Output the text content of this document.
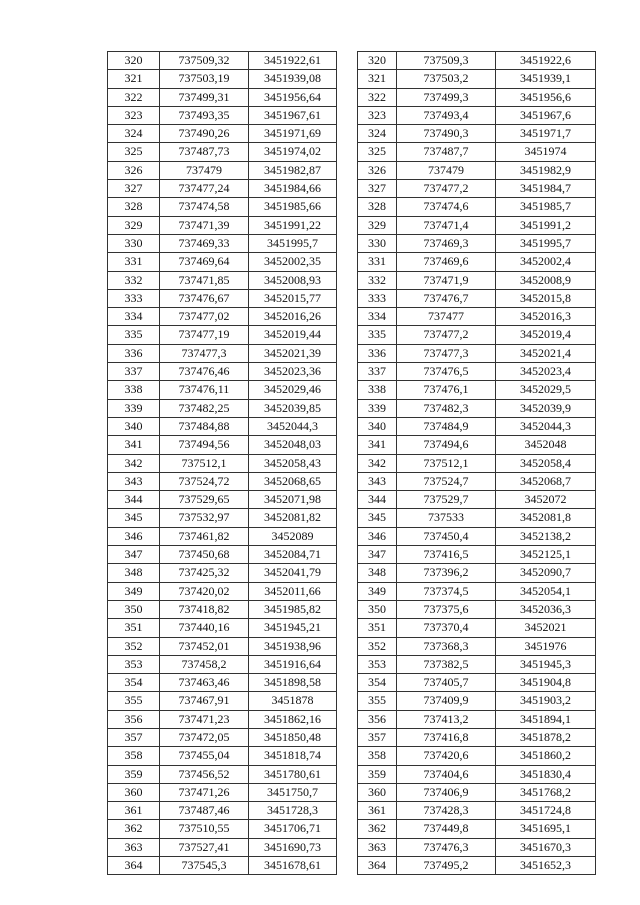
320	737509,32	3451922,61
321	737503,19	3451939,08
322	737499,31	3451956,64
323	737493,35	3451967,61
324	737490,26	3451971,69
325	737487,73	3451974,02
326	737479	3451982,87
327	737477,24	3451984,66
328	737474,58	3451985,66
329	737471,39	3451991,22
330	737469,33	3451995,7
331	737469,64	3452002,35
332	737471,85	3452008,93
333	737476,67	3452015,77
334	737477,02	3452016,26
335	737477,19	3452019,44
336	737477,3	3452021,39
337	737476,46	3452023,36
338	737476,11	3452029,46
339	737482,25	3452039,85
340	737484,88	3452044,3
341	737494,56	3452048,03
342	737512,1	3452058,43
343	737524,72	3452068,65
344	737529,65	3452071,98
345	737532,97	3452081,82
346	737461,82	3452089
347	737450,68	3452084,71
348	737425,32	3452041,79
349	737420,02	3452011,66
350	737418,82	3451985,82
351	737440,16	3451945,21
352	737452,01	3451938,96
353	737458,2	3451916,64
354	737463,46	3451898,58
355	737467,91	3451878
356	737471,23	3451862,16
357	737472,05	3451850,48
358	737455,04	3451818,74
359	737456,52	3451780,61
360	737471,26	3451750,7
361	737487,46	3451728,3
362	737510,55	3451706,71
363	737527,41	3451690,73
364	737545,3	3451678,61
320	737509,3	3451922,6
321	737503,2	3451939,1
322	737499,3	3451956,6
323	737493,4	3451967,6
324	737490,3	3451971,7
325	737487,7	3451974
326	737479	3451982,9
327	737477,2	3451984,7
328	737474,6	3451985,7
329	737471,4	3451991,2
330	737469,3	3451995,7
331	737469,6	3452002,4
332	737471,9	3452008,9
333	737476,7	3452015,8
334	737477	3452016,3
335	737477,2	3452019,4
336	737477,3	3452021,4
337	737476,5	3452023,4
338	737476,1	3452029,5
339	737482,3	3452039,9
340	737484,9	3452044,3
341	737494,6	3452048
342	737512,1	3452058,4
343	737524,7	3452068,7
344	737529,7	3452072
345	737533	3452081,8
346	737450,4	3452138,2
347	737416,5	3452125,1
348	737396,2	3452090,7
349	737374,5	3452054,1
350	737375,6	3452036,3
351	737370,4	3452021
352	737368,3	3451976
353	737382,5	3451945,3
354	737405,7	3451904,8
355	737409,9	3451903,2
356	737413,2	3451894,1
357	737416,8	3451878,2
358	737420,6	3451860,2
359	737404,6	3451830,4
360	737406,9	3451768,2
361	737428,3	3451724,8
362	737449,8	3451695,1
363	737476,3	3451670,3
364	737495,2	3451652,3
